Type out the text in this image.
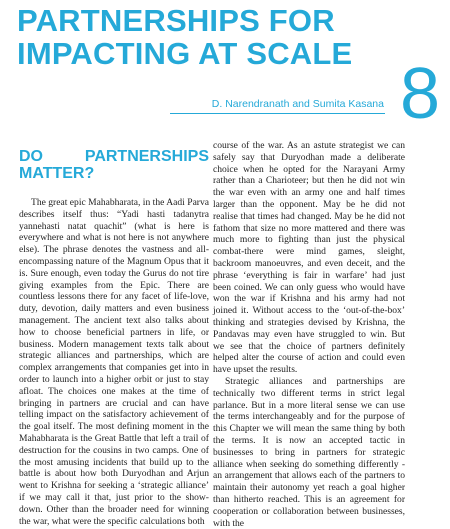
PARTNERSHIPS FOR IMPACTING AT SCALE
8
D. Narendranath and Sumita Kasana
DO PARTNERSHIPS MATTER?

The great epic Mahabharata, in the Aadi Parva describes itself thus: “Yadi hasti tadanytra yannehasti natat quachit” (what is here is everywhere and what is not here is not anywhere else). The phrase denotes the vastness and all-encompassing nature of the Magnum Opus that it is. Sure enough, even today the Gurus do not tire giving examples from the Epic. There are countless lessons there for any facet of life-love, duty, devotion, daily matters and even business management. The ancient text also talks about how to choose beneficial partners in life, or business. Modern management texts talk about strategic alliances and partnerships, which are complex arrangements that companies get into in order to launch into a higher orbit or just to stay afloat. The choices one makes at the time of bringing in partners are crucial and can have telling impact on the satisfactory achievement of the goal itself. The most defining moment in the Mahabharata is the Great Battle that left a trail of destruction for the cousins in two camps. One of the most amusing incidents that build up to the battle is about how both Duryodhan and Arjun went to Krishna for seeking a ‘strategic alliance’ if we may call it that, just prior to the show-down. Other than the broader need for winning the war, what were the specific calculations both

course of the war. As an astute strategist we can safely say that Duryodhan made a deliberate choice when he opted for the Narayani Army rather than a Charioteer; but then he did not win the war even with an army one and half times larger than the opponent. May be he did not realise that times had changed. May be he did not fathom that size no more mattered and there was much more to fighting than just the physical combat-there were mind games, sleight, backroom manoeuvres, and even deceit, and the phrase ‘everything is fair in warfare’ had just been coined. We can only guess who would have won the war if Krishna and his army had not joined it. Without access to the ‘out-of-the-box’ thinking and strategies devised by Krishna, the Pandavas may even have struggled to win. But we see that the choice of partners definitely helped alter the course of action and could even have upset the results.

Strategic alliances and partnerships are technically two different terms in strict legal parlance. But in a more literal sense we can use the terms interchangeably and for the purpose of this Chapter we will mean the same thing by both the terms. It is now an accepted tactic in businesses to bring in partners for strategic alliance when seeking do something differently -an arrangement that allows each of the partners to maintain their autonomy yet reach a goal higher than hitherto reached. This is an agreement for cooperation or collaboration between businesses, with the
